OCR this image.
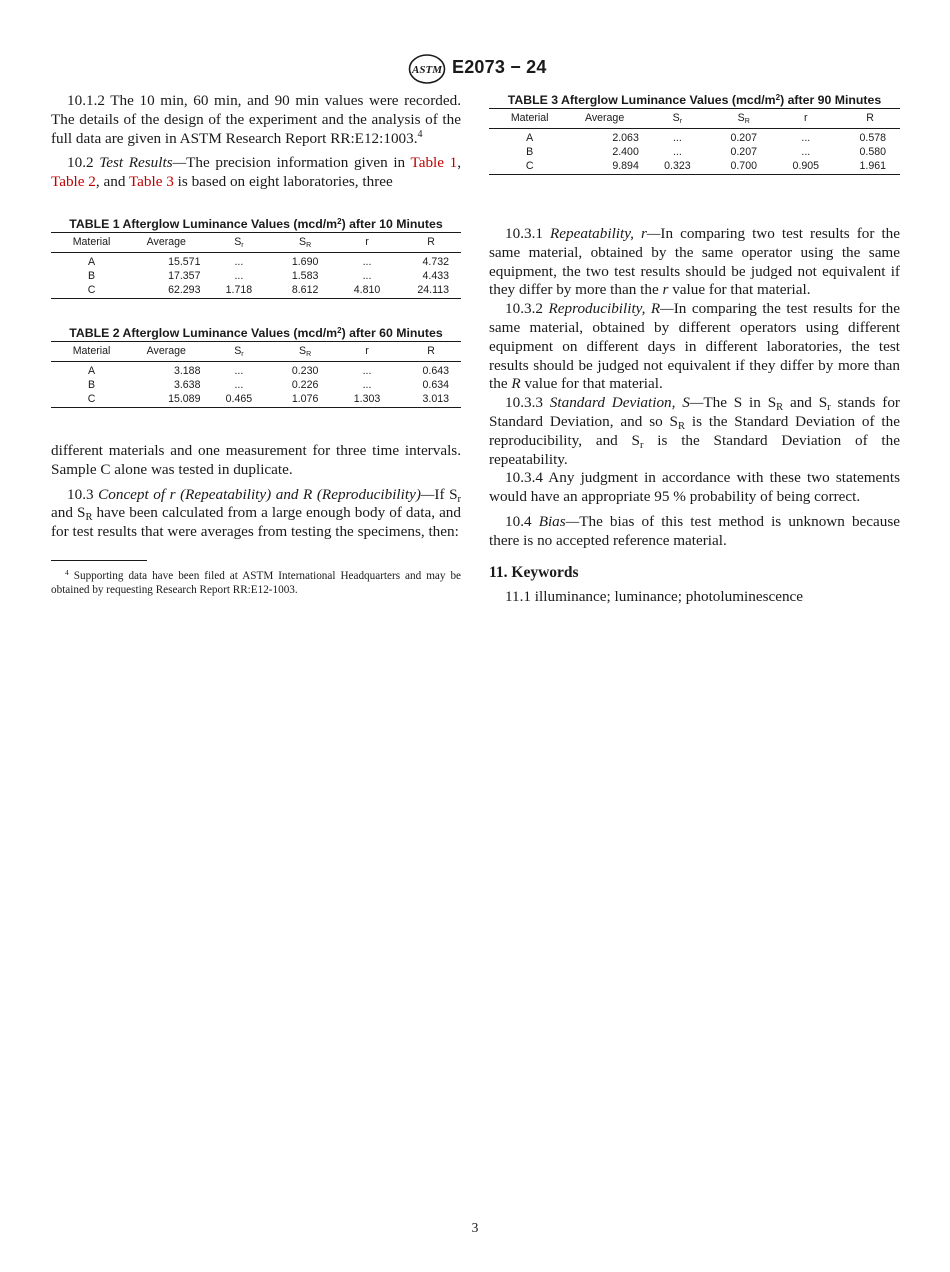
ASTM E2073 − 24

10.1.2 The 10 min, 60 min, and 90 min values were recorded. The details of the design of the experiment and the analysis of the full data are given in ASTM Research Report RR:E12:1003.$^4$

10.2 Test Results—The precision information given in Table 1, Table 2, and Table 3 is based on eight laboratories, three

TABLE 1 Afterglow Luminance Values $(mcd/m^2)$ after 10 Minutes
Material	Average	$S_r$	$S_R$	r	R
A	15.571	...	1.690	...	4.732
B	17.357	...	1.583	...	4.433
C	62.293	1.718	8.612	4.810	24.113
TABLE 2 Afterglow Luminance Values $(mcd/m^2)$ after 60 Minutes
Material	Average	$S_r$	$S_R$	r	R
A	3.188	...	0.230	...	0.643
B	3.638	...	0.226	...	0.634
C	15.089	0.465	1.076	1.303	3.013

different materials and one measurement for three time intervals. Sample C alone was tested in duplicate.

10.3 Concept of r (Repeatability) and R (Reproducibility)—If $S_r$ and $S_R$ have been calculated from a large enough body of data, and for test results that were averages from testing the specimens, then:

$^4$ Supporting data have been filed at ASTM International Headquarters and may be obtained by requesting Research Report RR:E12-1003.

TABLE 3 Afterglow Luminance Values $(mcd/m^2)$ after 90 Minutes
Material	Average	$S_r$	$S_R$	r	R
A	2.063	...	0.207	...	0.578
B	2.400	...	0.207	...	0.580
C	9.894	0.323	0.700	0.905	1.961

10.3.1 Repeatability, r—In comparing two test results for the same material, obtained by the same operator using the same equipment, the two test results should be judged not equivalent if they differ by more than the r value for that material.

10.3.2 Reproducibility, R—In comparing the test results for the same material, obtained by different operators using different equipment on different days in different laboratories, the test results should be judged not equivalent if they differ by more than the R value for that material.

10.3.3 Standard Deviation, S—The S in $S_R$ and $S_r$ stands for Standard Deviation, and so $S_R$ is the Standard Deviation of the reproducibility, and $S_r$ is the Standard Deviation of the repeatability.

10.3.4 Any judgment in accordance with these two statements would have an appropriate 95 % probability of being correct.

10.4 Bias—The bias of this test method is unknown because there is no accepted reference material.

11. Keywords

11.1 illuminance; luminance; photoluminescence

3
